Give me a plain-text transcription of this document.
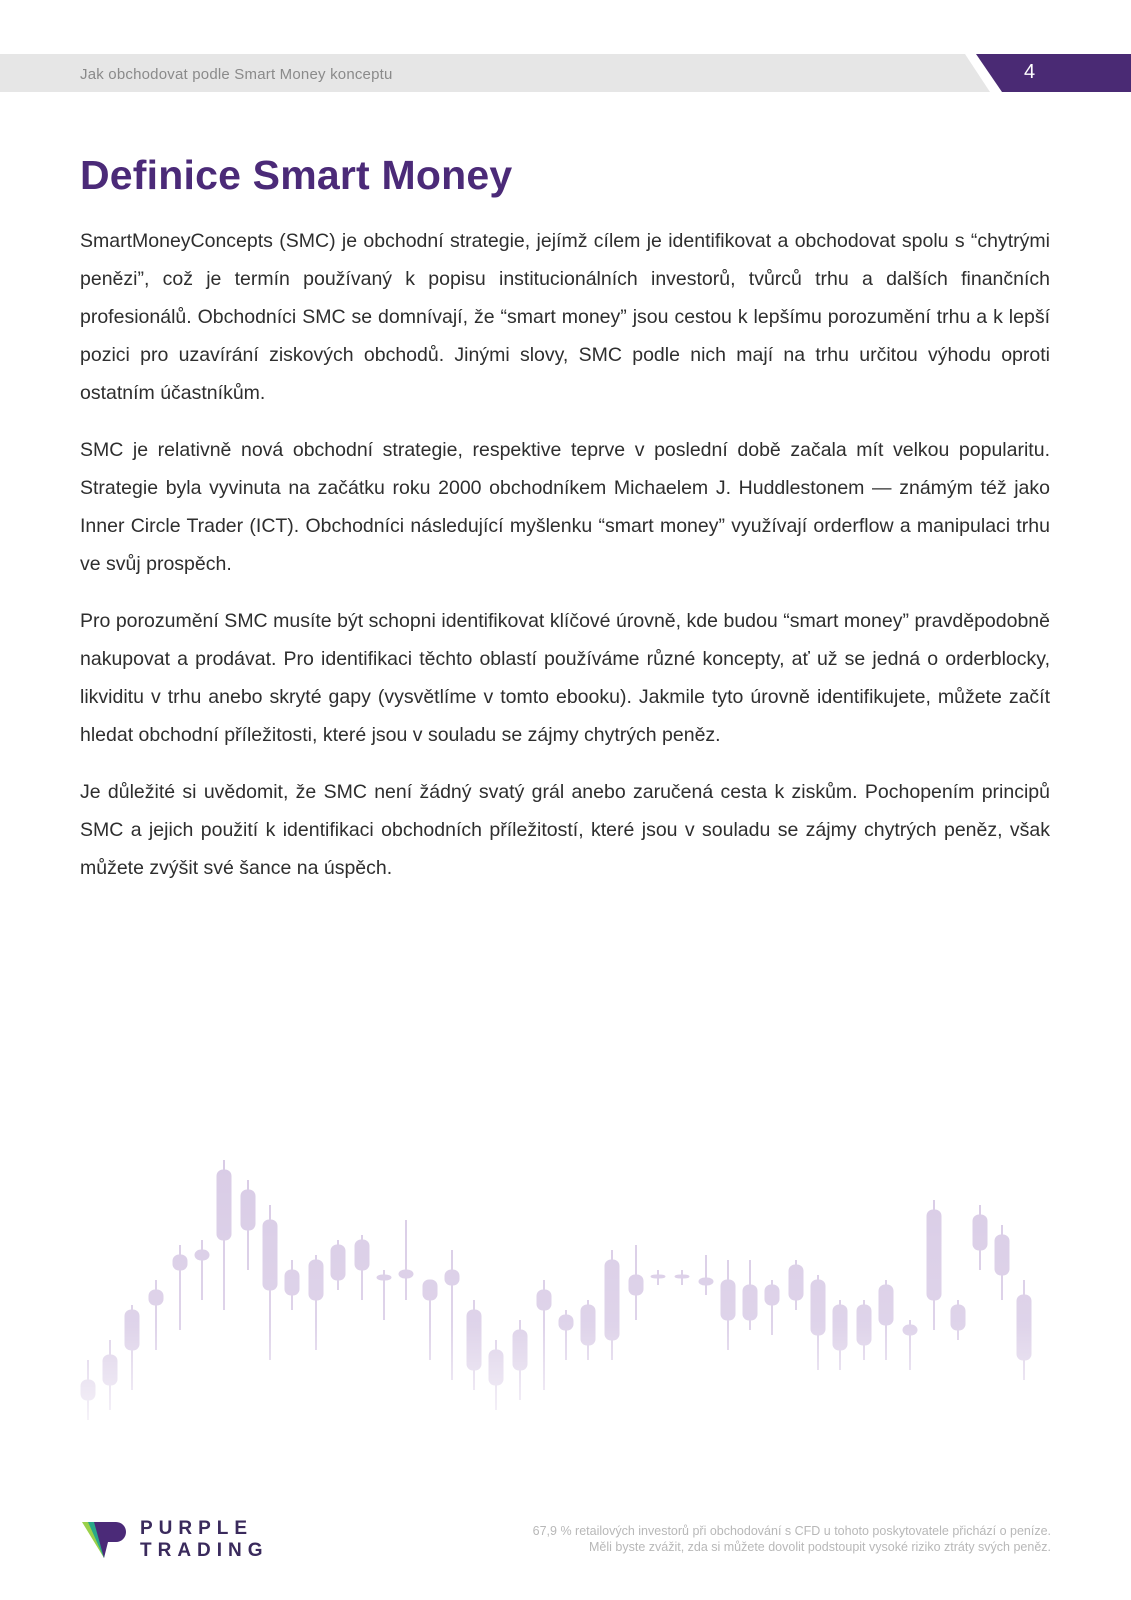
Jak obchodovat podle Smart Money konceptu	4
Definice Smart Money

SmartMoneyConcepts (SMC) je obchodní strategie, jejímž cílem je identifikovat a obchodovat spolu s “chytrými penězi”, což je termín používaný k popisu institucionálních investorů, tvůrců trhu a dalších finančních profesionálů. Obchodníci SMC se domnívají, že “smart money” jsou cestou k lepšímu porozumění trhu a k lepší pozici pro uzavírání ziskových obchodů. Jinými slovy, SMC podle nich mají na trhu určitou výhodu oproti ostatním účastníkům.

SMC je relativně nová obchodní strategie, respektive teprve v poslední době začala mít velkou popularitu. Strategie byla vyvinuta na začátku roku 2000 obchodníkem Michaelem J. Huddlestonem — známým též jako Inner Circle Trader (ICT). Obchodníci následující myšlenku “smart money” využívají orderflow a manipulaci trhu ve svůj prospěch.

Pro porozumění SMC musíte být schopni identifikovat klíčové úrovně, kde budou “smart money” pravděpodobně nakupovat a prodávat. Pro identifikaci těchto oblastí používáme různé koncepty, ať už se jedná o orderblocky, likviditu v trhu anebo skryté gapy (vysvětlíme v tomto ebooku). Jakmile tyto úrovně identifikujete, můžete začít hledat obchodní příležitosti, které jsou v souladu se zájmy chytrých peněz.

Je důležité si uvědomit, že SMC není žádný svatý grál anebo zaručená cesta k ziskům. Pochopením principů SMC a jejich použití k identifikaci obchodních příležitostí, které jsou v souladu se zájmy chytrých peněz, však můžete zvýšit své šance na úspěch.

PURPLE
TRADING
67,9 % retailových investorů při obchodování s CFD u tohoto poskytovatele přichází o peníze.
Měli byste zvážit, zda si můžete dovolit podstoupit vysoké riziko ztráty svých peněz.
